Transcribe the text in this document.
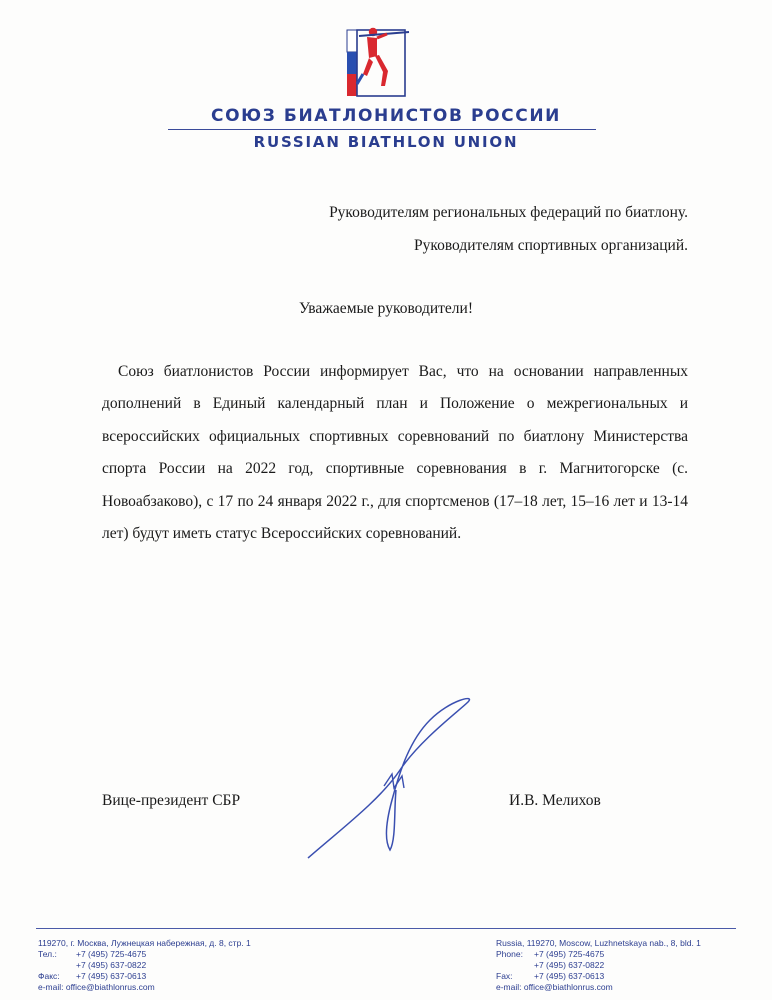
СОЮЗ БИАТЛОНИСТОВ РОССИИ
RUSSIAN BIATHLON UNION
Руководителям региональных федераций по биатлону.
Руководителям спортивных организаций.
Уважаемые руководители!
Союз биатлонистов России информирует Вас, что на основании направленных дополнений в Единый календарный план и Положение о межрегиональных и всероссийских официальных спортивных соревнований по биатлону Министерства спорта России на 2022 год, спортивные соревнования в г. Магнитогорске (с. Новоабзаково), с 17 по 24 января 2022 г., для спортсменов (17–18 лет, 15–16 лет и 13-14 лет) будут иметь статус Всероссийских соревнований.
Вице-президент СБР	И.В. Мелихов
119270, г. Москва, Лужнецкая набережная, д. 8, стр. 1
Тел.:	+7 (495) 725-4675
+7 (495) 637-0822
Факс:	+7 (495) 637-0613
e-mail: office@biathlonrus.com
Russia, 119270, Moscow, Luzhnetskaya nab., 8, bld. 1
Phone:	+7 (495) 725-4675
+7 (495) 637-0822
Fax:	+7 (495) 637-0613
e-mail: office@biathlonrus.com
